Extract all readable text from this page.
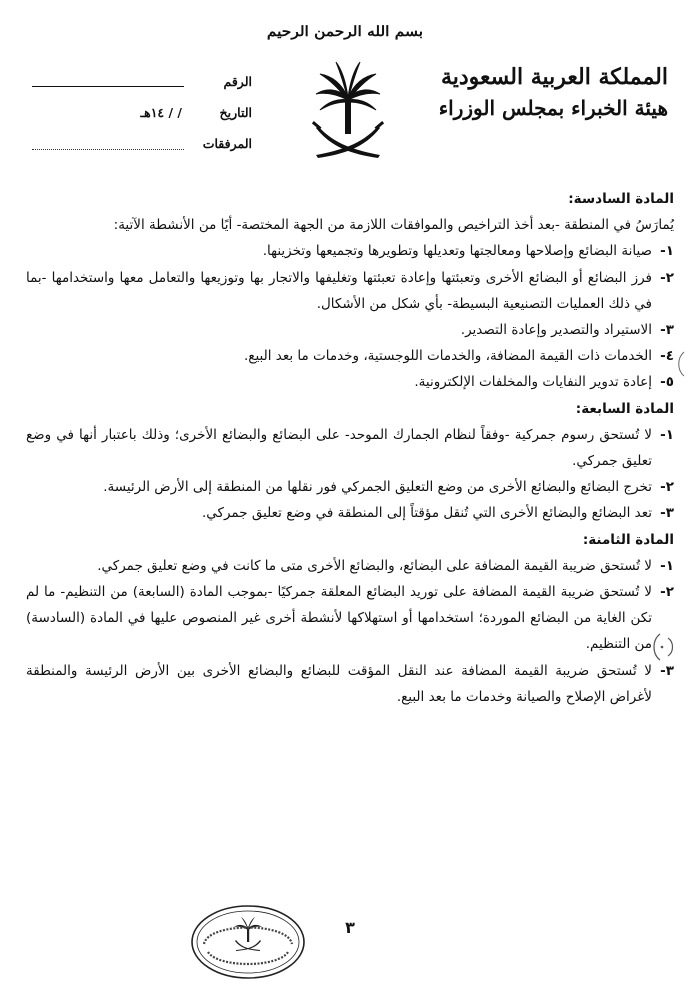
بسم الله الرحمن الرحيم
المملكة العربية السعودية
هيئة الخبراء بمجلس الوزراء
الرقم
التاريخ
/ / ١٤هـ
المرفقات

المادة السادسة:

يُمارَسُ في المنطقة -بعد أخذ التراخيص والموافقات اللازمة من الجهة المختصة- أيًا من الأنشطة الآتية:

١-
صيانة البضائع وإصلاحها ومعالجتها وتعديلها وتطويرها وتجميعها وتخزينها.
٢-
فرز البضائع أو البضائع الأخرى وتعبئتها وإعادة تعبئتها وتغليفها والاتجار بها وتوزيعها والتعامل معها واستخدامها -بما في ذلك العمليات التصنيعية البسيطة- بأي شكل من الأشكال.
٣-
الاستيراد والتصدير وإعادة التصدير.
٤-
الخدمات ذات القيمة المضافة، والخدمات اللوجستية، وخدمات ما بعد البيع.
٥-
إعادة تدوير النفايات والمخلفات الإلكترونية.

المادة السابعة:

١-
لا تُستحق رسوم جمركية -وفقاً لنظام الجمارك الموحد- على البضائع والبضائع الأخرى؛ وذلك باعتبار أنها في وضع تعليق جمركي.
٢-
تخرج البضائع والبضائع الأخرى من وضع التعليق الجمركي فور نقلها من المنطقة إلى الأرض الرئيسة.
٣-
تعد البضائع والبضائع الأخرى التي تُنقل مؤقتاً إلى المنطقة في وضع تعليق جمركي.

المادة الثامنة:

١-
لا تُستحق ضريبة القيمة المضافة على البضائع، والبضائع الأخرى متى ما كانت في وضع تعليق جمركي.
٢-
لا تُستحق ضريبة القيمة المضافة على توريد البضائع المعلقة جمركيًا -بموجب المادة (السابعة) من التنظيم- ما لم تكن الغاية من البضائع الموردة؛ استخدامها أو استهلاكها لأنشطة أخرى غير المنصوص عليها في المادة (السادسة) من التنظيم.
٣-
لا تُستحق ضريبة القيمة المضافة عند النقل المؤقت للبضائع والبضائع الأخرى بين الأرض الرئيسة والمنطقة لأغراض الإصلاح والصيانة وخدمات ما بعد البيع.
٣
